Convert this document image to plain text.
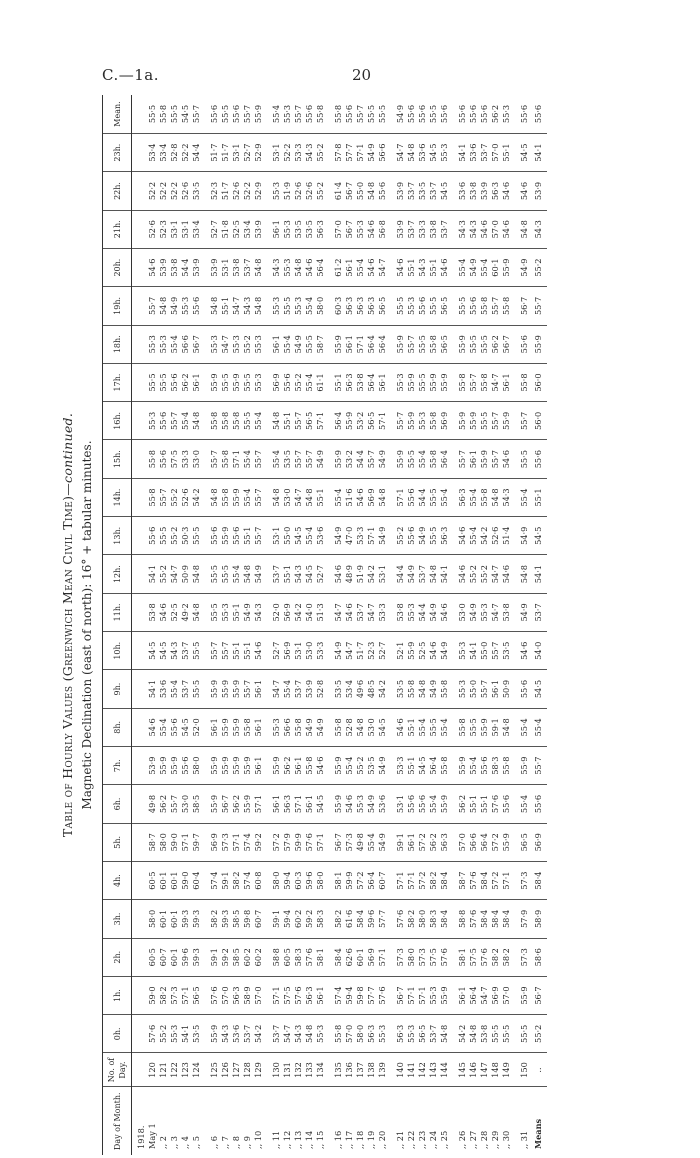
C.—1a.	20
Table of Hourly Values (Greenwich Mean Civil Time)—continued. Magnetic Declination (east of north): 16° + tabular minutes.
Day of Month.	No. of Day.	0h.	1h.	2h.	3h.	4h.	5h.	6h.	7h.	8h.	9h.	10h.	11h.	12h.	13h.	14h.	15h.	16h.	17h.	18h.	19h.	20h.	21h.	22h.	23h.	Mean.
1918.																										
May 1	120	57·6	59·0	60·5	58·0	60·5	58·7	49·8	53·9	54·6	54·1	54·5	53·8	54·1	55·6	55·8	55·8	55·3	55·5	55·3	55·7	54·6	52·6	52·2	53·4	55·5
,, 2	121	55·2	58·2	60·7	60·1	60·1	58·0	56·2	55·9	55·4	53·6	54·5	54·6	55·2	55·5	55·7	55·6	55·6	55·5	55·3	54·8	53·9	52·3	52·2	53·4	55·8
,, 3	122	55·3	57·3	60·1	60·1	60·1	59·0	55·7	55·9	55·6	55·4	54·3	52·5	54·7	55·2	55·2	57·5	55·7	55·6	55·4	54·9	53·8	53·1	52·2	52·8	55·5
,, 4	123	54·1	57·1	59·6	59·3	59·0	57·1	53·0	55·6	54·5	53·7	53·7	49·2	50·9	50·3	52·6	53·3	55·4	56·2	56·6	55·3	54·4	53·1	52·6	52·2	54·5
,, 5	124	53·5	56·5	59·3	59·3	60·4	59·7	58·5	58·0	52·0	55·5	55·5	54·8	54·8	55·5	54·2	53·0	54·8	56·1	56·7	55·6	53·9	53·4	53·5	54·4	55·7

,, 6	125	55·9	57·6	59·1	58·2	57·4	56·9	55·9	55·9	56·1	55·9	55·7	55·5	55·5	55·6	54·8	55·7	55·8	55·9	55·3	54·8	53·9	52·7	52·3	51·7	55·6
,, 7	126	54·3	57·0	59·2	59·3	59·1	57·3	56·7	55·9	55·9	55·9	55·7	55·3	55·5	55·9	55·8	55·8	55·8	55·5	54·7	55·1	53·1	51·8	51·7	51·7	55·5
,, 8	127	53·6	56·3	58·5	58·5	58·2	57·1	56·2	55·9	55·9	55·9	55·1	55·1	55·4	55·6	55·9	57·1	55·8	55·9	55·3	54·7	53·8	52·5	52·6	53·1	55·6
,, 9	128	53·7	58·9	60·2	59·8	57·4	57·4	55·9	55·9	55·8	55·7	55·1	54·9	54·8	55·1	55·4	55·4	55·5	55·5	55·2	54·3	53·7	53·4	52·2	52·7	55·7
,, 10	129	54·2	57·0	60·2	60·7	60·8	59·2	57·1	56·1	56·1	56·1	54·6	54·3	54·9	55·7	55·7	55·7	55·4	55·3	55·3	54·8	54·8	53·9	52·9	52·9	55·9

,, 11	130	53·7	57·1	58·8	59·1	58·0	57·2	56·1	55·9	55·3	54·7	52·7	52·0	53·7	53·1	54·8	55·4	54·8	56·9	56·1	55·3	54·3	56·1	55·3	53·1	55·4
,, 12	131	54·7	57·5	60·5	59·4	59·4	57·9	56·3	56·2	56·6	55·4	56·9	56·9	55·1	55·0	53·0	53·5	55·1	55·6	55·4	55·5	55·3	55·3	51·9	52·2	55·3
,, 13	132	54·3	57·6	58·3	60·2	60·3	59·9	57·1	56·1	55·8	53·7	53·1	54·2	54·3	54·5	54·7	55·7	55·7	55·2	54·9	55·3	54·8	53·5	52·6	53·3	55·7
,, 14	133	54·8	56·3	57·6	59·2	59·6	57·6	56·1	55·8	54·9	53·9	53·0	54·0	54·5	55·4	54·8	55·7	56·5	55·4	55·5	55·4	54·6	53·5	52·6	54·3	55·6
,, 15	134	55·3	56·1	58·1	58·3	58·0	57·1	54·5	54·6	54·9	52·8	53·3	51·3	52·7	53·6	55·1	54·9	57·1	61·1	58·7	58·0	56·4	56·3	55·2	55·2	55·8

,, 16	135	55·8	57·4	58·4	58·2	58·1	56·7	55·9	55·9	55·8	53·5	54·9	54·7	54·6	54·9	55·4	55·9	56·4	55·1	55·9	60·3	61·2	57·0	61·4	57·8	55·8
,, 17	136	57·0	59·4	62·6	61·6	59·9	57·3	54·6	55·4	52·8	53·4	54·7	54·6	48·9	47·0	51·6	53·2	55·9	56·3	56·1	56·3	56·1	56·7	56·7	57·7	55·6
,, 18	137	58·0	59·8	60·1	58·4	57·2	49·8	55·3	55·2	54·8	49·6	51·7	53·7	51·9	53·3	54·6	54·4	53·2	53·8	57·1	56·3	55·4	55·3	55·0	57·1	55·7
,, 19	138	56·3	57·7	56·9	59·6	56·4	55·4	54·9	53·5	53·0	48·5	52·3	54·7	54·2	57·1	56·9	55·7	56·5	56·4	56·4	56·3	54·6	54·6	54·8	54·9	55·5
,, 20	139	55·3	57·6	57·1	57·7	60·7	54·9	53·6	54·9	54·5	54·2	52·7	53·3	53·1	54·9	54·8	54·9	57·1	56·1	56·4	56·5	54·7	56·8	55·6	56·6	55·5

,, 21	140	56·3	56·7	57·3	57·6	57·1	59·1	53·1	53·3	54·6	53·5	52·1	53·8	54·4	55·2	57·1	55·9	55·7	55·3	55·9	55·5	54·6	53·9	53·9	54·7	54·9
,, 22	141	55·3	57·1	58·0	58·2	57·1	56·1	55·6	55·1	55·1	55·8	55·9	55·3	54·9	55·6	55·6	55·5	55·9	55·9	55·7	55·3	55·1	53·7	53·7	54·8	55·6
,, 23	142	56·5	57·1	57·3	58·0	57·2	57·2	55·6	54·5	55·4	54·8	52·5	54·4	53·7	54·9	54·4	55·4	55·3	55·5	55·5	55·6	54·3	53·3	53·5	53·6	55·6
,, 24	143	53·7	55·3	57·5	58·3	58·2	56·2	55·4	56·4	55·5	54·9	54·6	54·9	54·8	55·5	55·5	55·8	55·8	55·9	55·8	55·5	55·1	53·8	53·7	54·5	55·5
,, 25	144	54·8	55·9	57·6	58·4	58·4	56·3	55·9	55·8	55·4	55·8	54·9	54·6	54·1	56·3	55·4	56·4	56·9	55·9	56·5	56·5	54·6	53·7	54·5	55·3	55·6

,, 26	145	54·2	56·1	58·1	58·8	58·7	57·0	56·2	55·9	55·8	55·3	55·3	53·0	54·6	54·6	56·3	55·7	55·9	55·8	55·9	55·5	55·4	54·3	53·6	54·1	55·6
,, 27	146	54·8	56·4	57·5	57·6	57·6	56·6	55·1	55·4	55·5	55·0	54·1	54·9	55·2	55·4	55·4	56·1	55·9	55·7	55·5	55·6	54·9	54·3	53·8	53·6	55·6
,, 28	147	53·8	54·7	57·6	58·4	58·4	56·4	55·1	55·6	55·9	55·7	55·0	55·3	55·2	54·2	55·8	55·9	55·5	55·8	55·5	55·8	55·4	54·6	53·9	53·7	55·6
,, 29	148	55·5	56·9	58·2	58·4	57·2	57·2	57·6	58·3	59·1	56·1	55·7	54·7	54·7	52·6	54·8	55·7	55·7	54·7	56·2	55·7	60·1	57·0	56·3	57·0	56·2
,, 30	149	55·5	57·0	58·2	58·4	57·1	55·9	55·6	55·8	54·8	50·9	53·5	53·8	54·6	51·4	54·3	54·6	55·9	56·1	56·7	55·8	55·9	54·6	54·6	55·1	55·3

,, 31	150	55·5	55·9	57·3	57·9	57·3	56·5	55·4	55·9	55·4	55·6	54·6	54·9	54·8	54·9	55·4	55·5	55·7	55·8	55·6	56·7	54·9	54·8	54·6	54·5	55·6
Means	..	55·2	56·7	58·6	58·9	58·4	56·9	55·6	55·7	55·4	54·5	54·0	53·7	54·1	54·5	55·1	55·6	56·0	56·0	55·9	55·7	55·2	54·3	53·9	54·1	55·6
